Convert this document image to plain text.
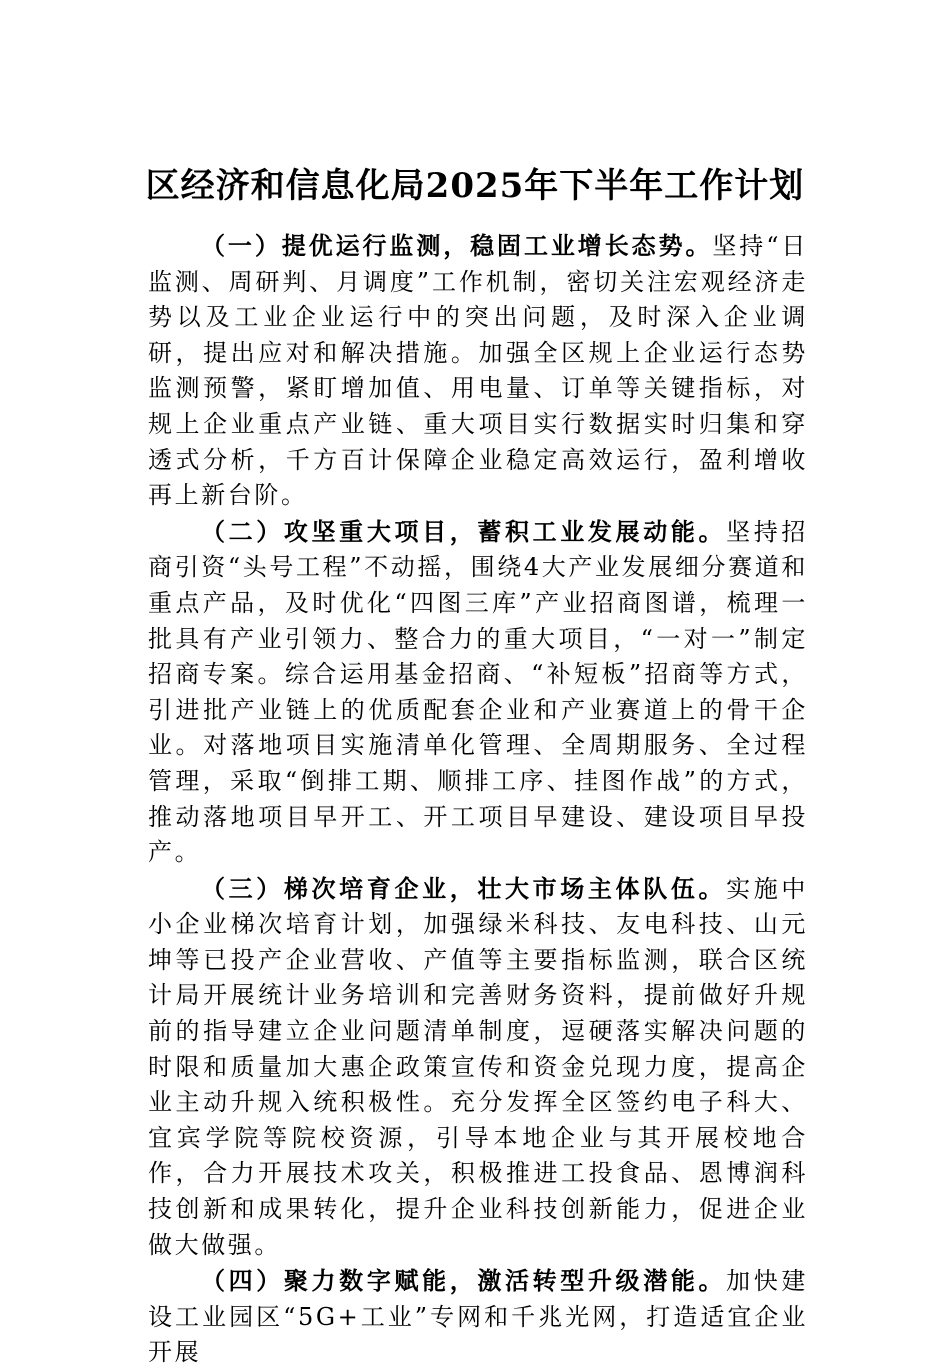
区经济和信息化局2025年下半年工作计划

（一）提优运行监测，稳固工业增长态势。坚持“日监测、周研判、月调度”工作机制，密切关注宏观经济走势以及工业企业运行中的突出问题，及时深入企业调研，提出应对和解决措施。加强全区规上企业运行态势监测预警，紧盯增加值、用电量、订单等关键指标，对规上企业重点产业链、重大项目实行数据实时归集和穿透式分析，千方百计保障企业稳定高效运行，盈利增收再上新台阶。

（二）攻坚重大项目，蓄积工业发展动能。坚持招商引资“头号工程”不动摇，围绕4大产业发展细分赛道和重点产品，及时优化“四图三库”产业招商图谱，梳理一批具有产业引领力、整合力的重大项目，“一对一”制定招商专案。综合运用基金招商、“补短板”招商等方式，引进批产业链上的优质配套企业和产业赛道上的骨干企业。对落地项目实施清单化管理、全周期服务、全过程管理，采取“倒排工期、顺排工序、挂图作战”的方式，推动落地项目早开工、开工项目早建设、建设项目早投产。

（三）梯次培育企业，壮大市场主体队伍。实施中小企业梯次培育计划，加强绿米科技、友电科技、山元坤等已投产企业营收、产值等主要指标监测，联合区统计局开展统计业务培训和完善财务资料，提前做好升规前的指导建立企业问题清单制度，逗硬落实解决问题的时限和质量加大惠企政策宣传和资金兑现力度，提高企业主动升规入统积极性。充分发挥全区签约电子科大、宜宾学院等院校资源，引导本地企业与其开展校地合作，合力开展技术攻关，积极推进工投食品、恩博润科技创新和成果转化，提升企业科技创新能力，促进企业做大做强。

（四）聚力数字赋能，激活转型升级潜能。加快建设工业园区“5G+工业”专网和千兆光网，打造适宜企业开展
